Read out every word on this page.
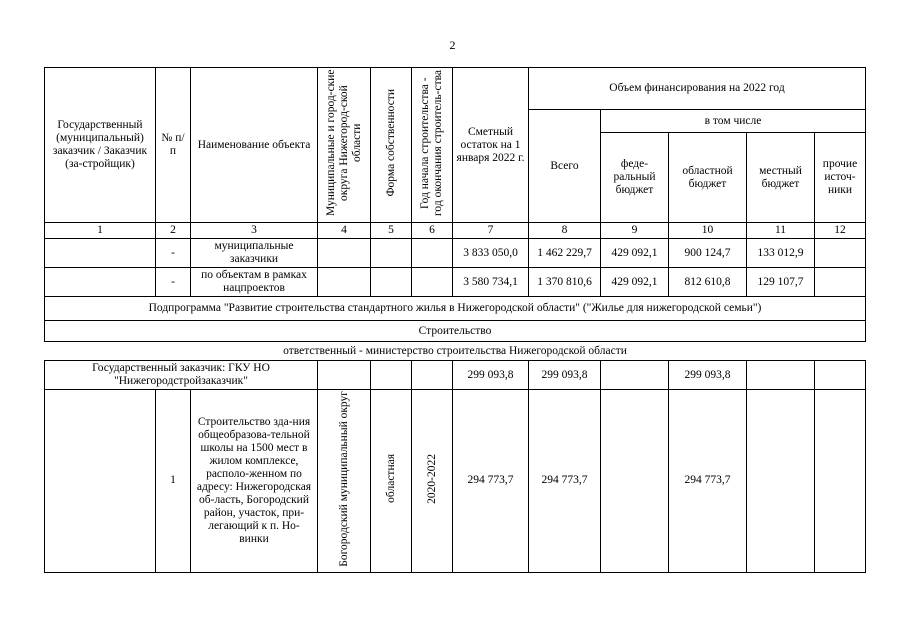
2
Государственный (муниципальный) заказчик / Заказчик (за-стройщик)	№ п/п	Наименование объекта	Муниципальные и город-ские округа Нижегород-ской области	Форма собственности	Год начала строительства - год окончания строитель-ства	Сметный остаток на 1 января 2022 г.	Объем финансирования на 2022 год				
							Всего	в том числе			
								феде-ральный бюджет	областной бюджет	местный бюджет	прочие источ-ники
1	2	3	4	5	6	7	8	9	10	11	12
	-	муниципальные заказчики				3 833 050,0	1 462 229,7	429 092,1	900 124,7	133 012,9	
	-	по объектам в рамках нацпроектов				3 580 734,1	1 370 810,6	429 092,1	812 610,8	129 107,7	
Подпрограмма "Развитие строительства стандартного жилья в Нижегородской области" ("Жилье для нижегородской семьи")											
Строительство											
ответственный - министерство строительства Нижегородской области											
Государственный заказчик: ГКУ НО "Нижегородстройзаказчик"						299 093,8	299 093,8		299 093,8		
	1	Строительство зда-ния общеобразова-тельной школы на 1500 мест в жилом комплексе, располо-женном по адресу: Нижегородская об-ласть, Богородский район, участок, при-легающий к п. Но-винки	Богородский муниципальный округ	областная	2020-2022	294 773,7	294 773,7		294 773,7		
